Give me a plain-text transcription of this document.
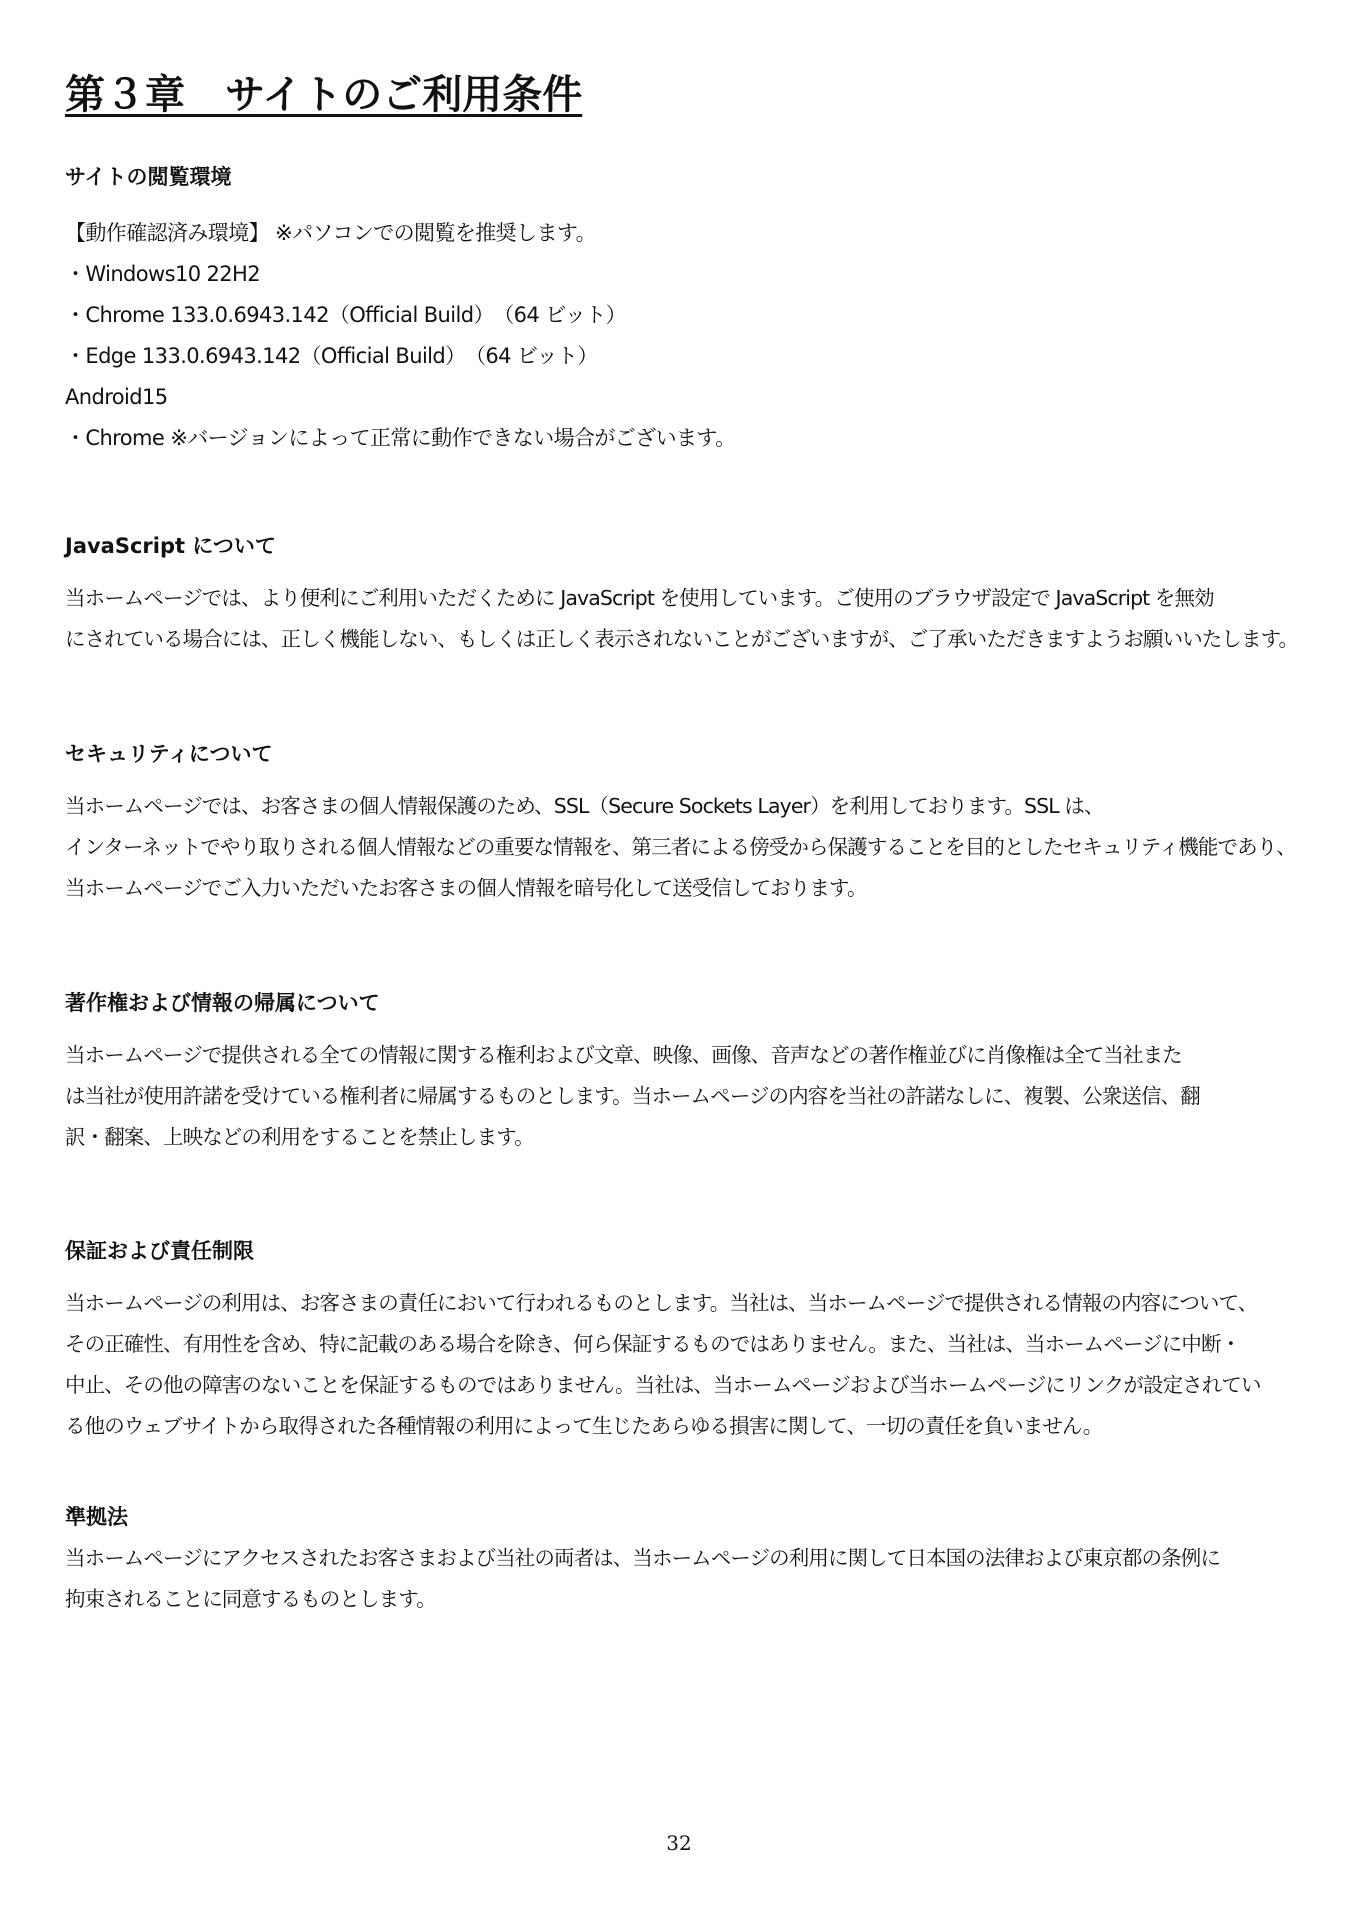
第３章　サイトのご利用条件
サイトの閲覧環境
【動作確認済み環境】 ※パソコンでの閲覧を推奨します。
・Windows10 22H2
・Chrome 133.0.6943.142（Official Build）　（64 ビット）
・Edge 133.0.6943.142（Official Build）　（64 ビット）
Android15
・Chrome ※バージョンによって正常に動作できない場合がございます。
JavaScript について

当ホームページでは、より便利にご利用いただくために JavaScript を使用しています。ご使用のブラウザ設定で JavaScript を無効
にされている場合には、正しく機能しない、もしくは正しく表示されないことがございますが、ご了承いただきますようお願いいたします。

セキュリティについて

当ホームページでは、お客さまの個人情報保護のため、SSL（Secure Sockets Layer）を利用しております。SSL は、
インターネットでやり取りされる個人情報などの重要な情報を、第三者による傍受から保護することを目的としたセキュリティ機能であり、
当ホームページでご入力いただいたお客さまの個人情報を暗号化して送受信しております。

著作権および情報の帰属について

当ホームページで提供される全ての情報に関する権利および文章、映像、画像、音声などの著作権並びに肖像権は全て当社また
は当社が使用許諾を受けている権利者に帰属するものとします。当ホームページの内容を当社の許諾なしに、複製、公衆送信、翻
訳・翻案、上映などの利用をすることを禁止します。

保証および責任制限

当ホームページの利用は、お客さまの責任において行われるものとします。当社は、当ホームページで提供される情報の内容について、
その正確性、有用性を含め、特に記載のある場合を除き、何ら保証するものではありません。また、当社は、当ホームページに中断・
中止、その他の障害のないことを保証するものではありません。当社は、当ホームページおよび当ホームページにリンクが設定されてい
る他のウェブサイトから取得された各種情報の利用によって生じたあらゆる損害に関して、一切の責任を負いません。

準拠法

当ホームページにアクセスされたお客さまおよび当社の両者は、当ホームページの利用に関して日本国の法律および東京都の条例に
拘束されることに同意するものとします。

32
